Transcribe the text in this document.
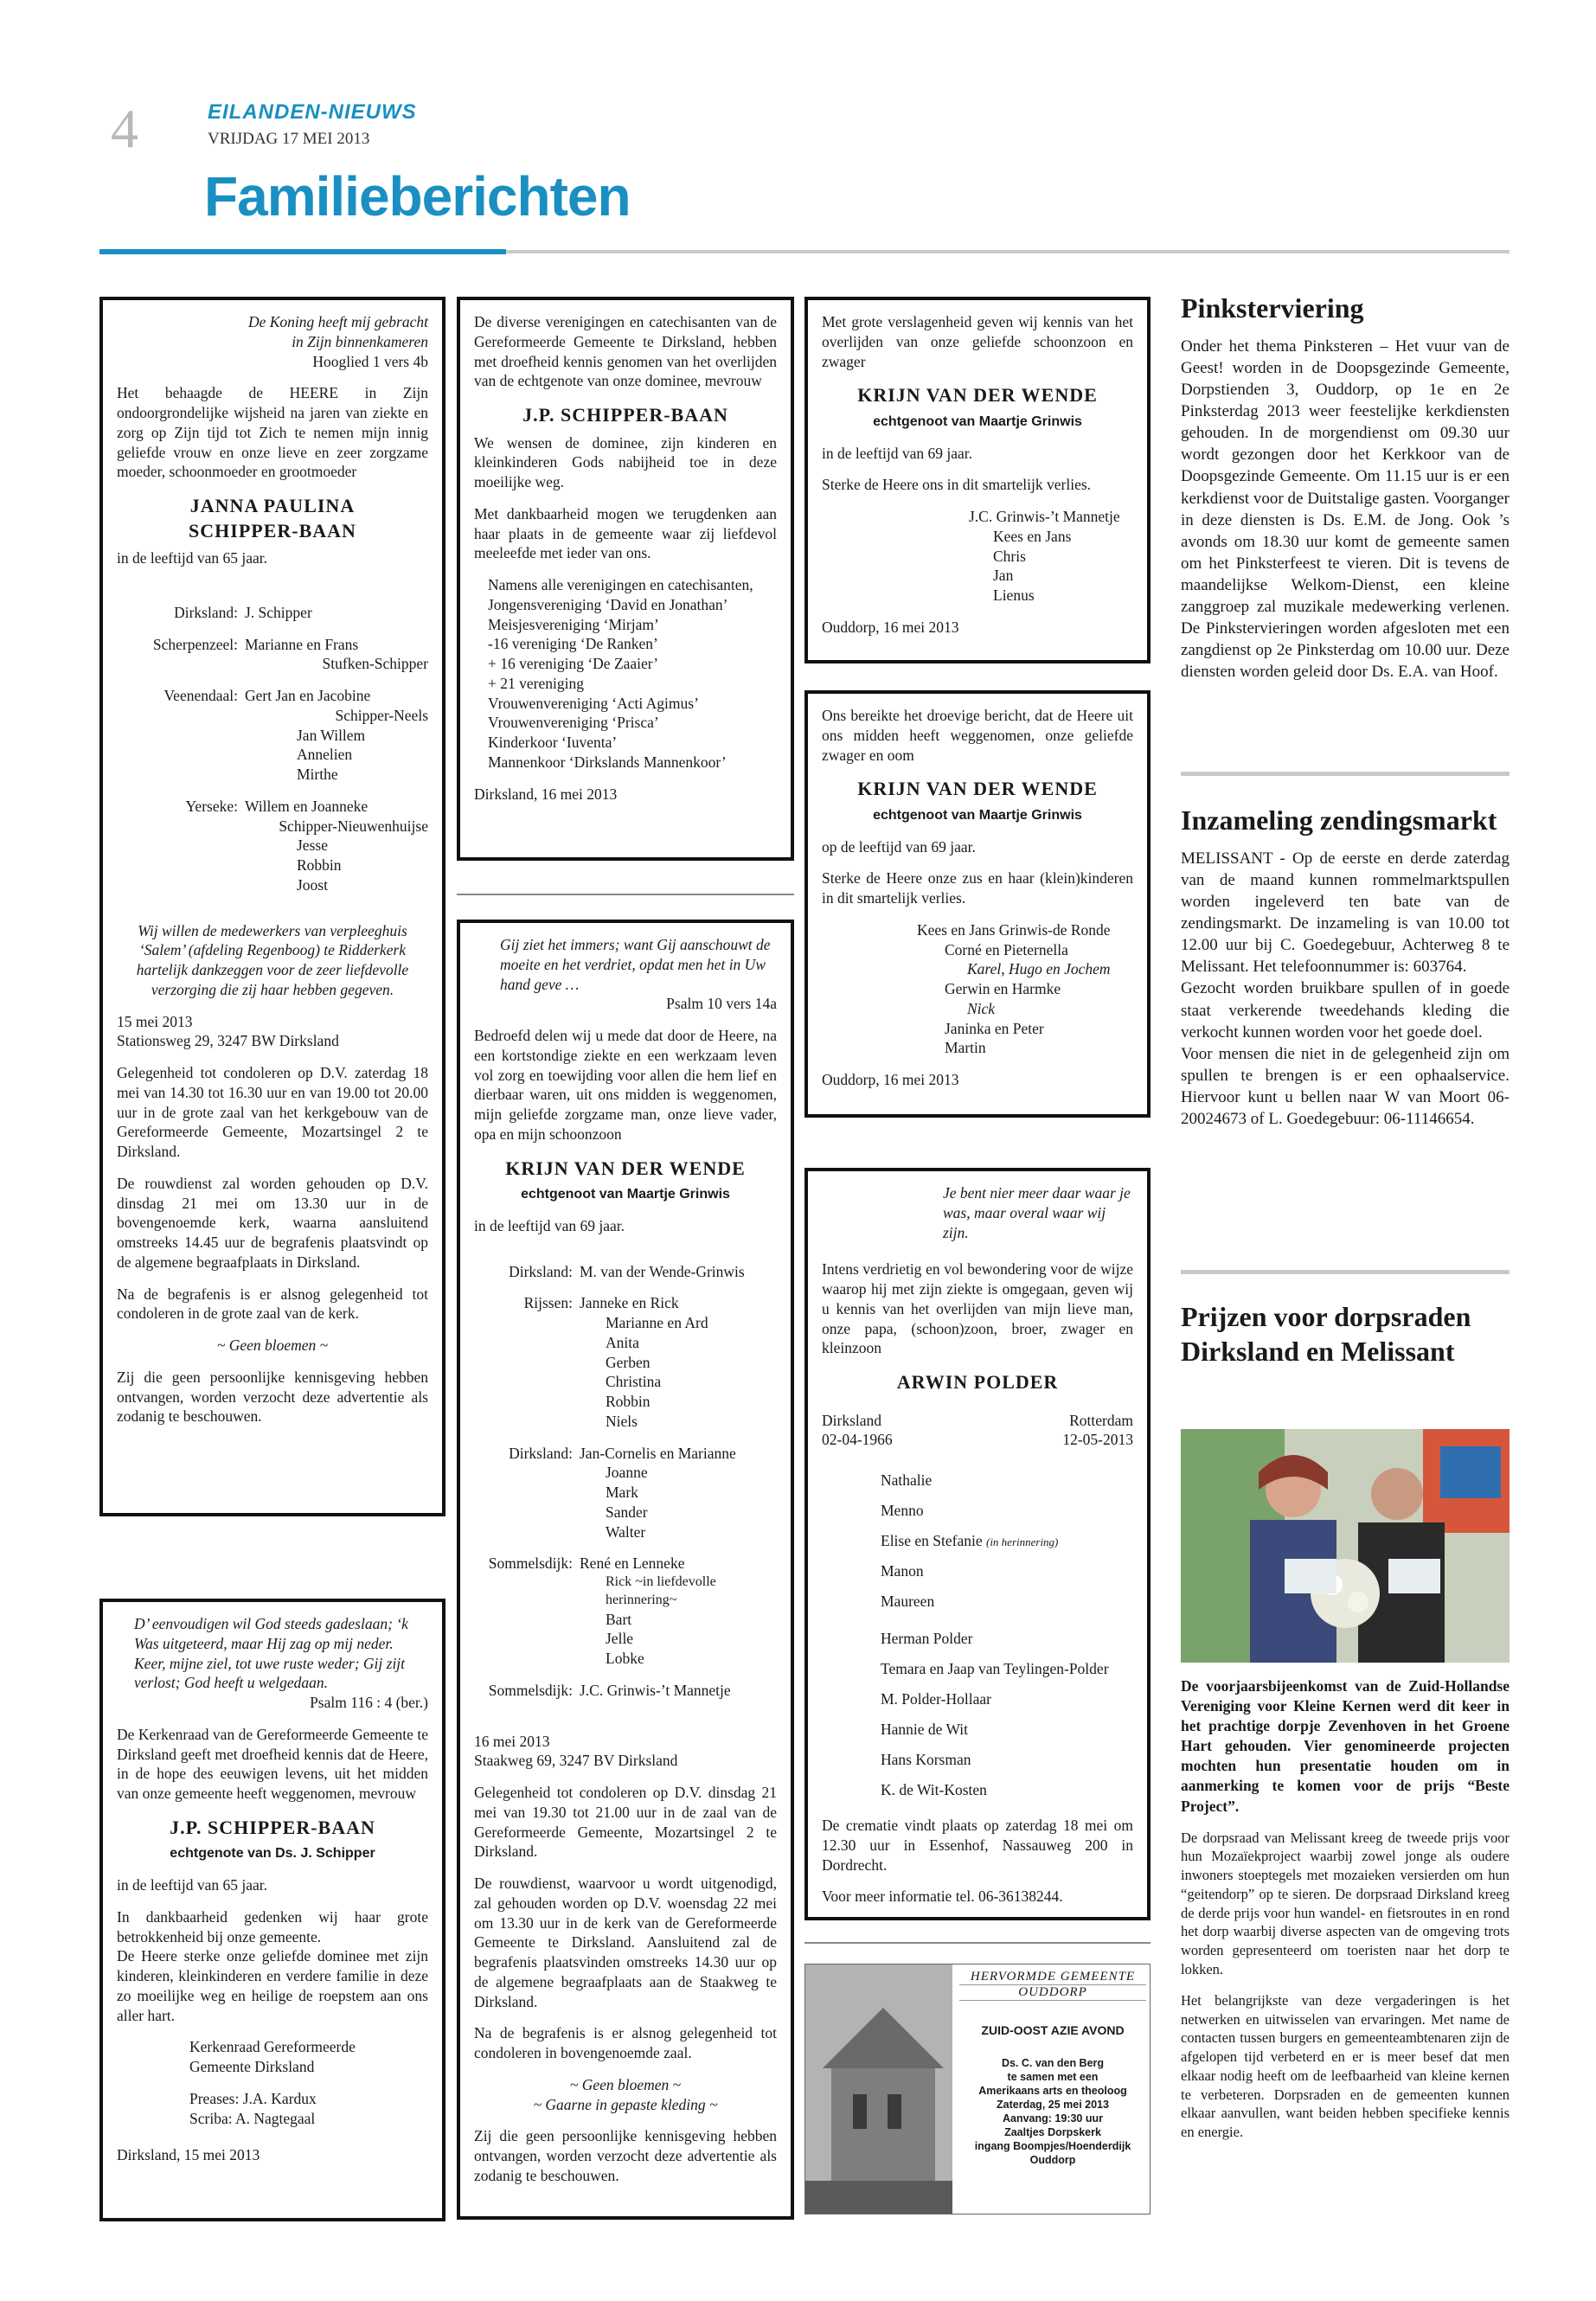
4	EILANDEN-NIEUWS
VRIJDAG 17 MEI 2013
Familieberichten
De Koning heeft mij gebracht
in Zijn binnenkameren
Hooglied 1 vers 4b

Het behaagde de HEERE in Zijn ondoorgrondelijke wijsheid na jaren van ziekte en zorg op Zijn tijd tot Zich te nemen mijn innig geliefde vrouw en onze lieve en zeer zorgzame moeder, schoonmoeder en grootmoeder

JANNA PAULINA
SCHIPPER-BAAN

in de leeftijd van 65 jaar.

Dirksland: J. Schipper
Scherpenzeel: Marianne en Frans
Stufken-Schipper
Veenendaal: Gert Jan en Jacobine
Schipper-Neels
Jan Willem
Annelien
Mirthe
Yerseke: Willem en Joanneke
Schipper-Nieuwenhuijse
Jesse
Robbin
Joost

Wij willen de medewerkers van verpleeghuis ‘Salem’ (afdeling Regenboog) te Ridderkerk hartelijk dankzeggen voor de zeer liefdevolle verzorging die zij haar hebben gegeven.

15 mei 2013

Stationsweg 29, 3247 BW Dirksland

Gelegenheid tot condoleren op D.V. zaterdag 18 mei van 14.30 tot 16.30 uur en van 19.00 tot 20.00 uur in de grote zaal van het kerkgebouw van de Gereformeerde Gemeente, Mozartsingel 2 te Dirksland.

De rouwdienst zal worden gehouden op D.V. dinsdag 21 mei om 13.30 uur in de bovengenoemde kerk, waarna aansluitend omstreeks 14.45 uur de begrafenis plaatsvindt op de algemene begraafplaats in Dirksland.

Na de begrafenis is er alsnog gelegenheid tot condoleren in de grote zaal van de kerk.

~ Geen bloemen ~

Zij die geen persoonlijke kennisgeving hebben ontvangen, worden verzocht deze advertentie als zodanig te beschouwen.

D’ eenvoudigen wil God steeds gadeslaan; ‘k Was uitgeteerd, maar Hij zag op mij neder. Keer, mijne ziel, tot uwe ruste weder; Gij zijt verlost; God heeft u welgedaan.

Psalm 116 : 4 (ber.)

De Kerkenraad van de Gereformeerde Gemeente te Dirksland geeft met droefheid kennis dat de Heere, in de hope des eeuwigen levens, uit het midden van onze gemeente heeft weggenomen, mevrouw

J.P. SCHIPPER-BAAN
echtgenote van Ds. J. Schipper

in de leeftijd van 65 jaar.

In dankbaarheid gedenken wij haar grote betrokkenheid bij onze gemeente.

De Heere sterke onze geliefde dominee met zijn kinderen, kleinkinderen en verdere familie in deze zo moeilijke weg en heilige de roepstem aan ons aller hart.

Kerkenraad Gereformeerde
Gemeente Dirksland
Preases: J.A. Kardux
Scriba: A. Nagtegaal
Dirksland, 15 mei 2013

De diverse verenigingen en catechisanten van de Gereformeerde Gemeente te Dirksland, hebben met droefheid kennis genomen van het overlijden van de echtgenote van onze dominee, mevrouw

J.P. SCHIPPER-BAAN

We wensen de dominee, zijn kinderen en kleinkinderen Gods nabijheid toe in deze moeilijke weg.

Met dankbaarheid mogen we terugdenken aan haar plaats in de gemeente waar zij liefdevol meeleefde met ieder van ons.

Namens alle verenigingen en catechisanten,
Jongensvereniging ‘David en Jonathan’
Meisjesvereniging ‘Mirjam’
-16 vereniging ‘De Ranken’
+ 16 vereniging ‘De Zaaier’
+ 21 vereniging
Vrouwenvereniging ‘Acti Agimus’
Vrouwenvereniging ‘Prisca’
Kinderkoor ‘Iuventa’
Mannenkoor ‘Dirkslands Mannenkoor’
Dirksland, 16 mei 2013

Gij ziet het immers; want Gij aanschouwt de moeite en het verdriet, opdat men het in Uw hand geve …

Psalm 10 vers 14a

Bedroefd delen wij u mede dat door de Heere, na een kortstondige ziekte en een werkzaam leven vol zorg en toewijding voor allen die hem lief en dierbaar waren, uit ons midden is weggenomen, mijn geliefde zorgzame man, onze lieve vader, opa en mijn schoonzoon

KRIJN VAN DER WENDE
echtgenoot van Maartje Grinwis

in de leeftijd van 69 jaar.

Dirksland: M. van der Wende-Grinwis
Rijssen: Janneke en Rick
Marianne en Ard
Anita
Gerben
Christina
Robbin
Niels
Dirksland: Jan-Cornelis en Marianne
Joanne
Mark
Sander
Walter
Sommelsdijk: René en Lenneke
Rick ~in liefdevolle herinnering~
Bart
Jelle
Lobke
Sommelsdijk: J.C. Grinwis-’t Mannetje
16 mei 2013

Staakweg 69, 3247 BV Dirksland

Gelegenheid tot condoleren op D.V. dinsdag 21 mei van 19.30 tot 21.00 uur in de zaal van de Gereformeerde Gemeente, Mozartsingel 2 te Dirksland.

De rouwdienst, waarvoor u wordt uitgenodigd, zal gehouden worden op D.V. woensdag 22 mei om 13.30 uur in de kerk van de Gereformeerde Gemeente te Dirksland. Aansluitend zal de begrafenis plaatsvinden omstreeks 14.30 uur op de algemene begraafplaats aan de Staakweg te Dirksland.

Na de begrafenis is er alsnog gelegenheid tot condoleren in bovengenoemde zaal.

~ Geen bloemen ~

~ Gaarne in gepaste kleding ~

Zij die geen persoonlijke kennisgeving hebben ontvangen, worden verzocht deze advertentie als zodanig te beschouwen.

Met grote verslagenheid geven wij kennis van het overlijden van onze geliefde schoonzoon en zwager

KRIJN VAN DER WENDE
echtgenoot van Maartje Grinwis

in de leeftijd van 69 jaar.

Sterke de Heere ons in dit smartelijk verlies.

J.C. Grinwis-’t Mannetje
Kees en Jans
Chris
Jan
Lienus
Ouddorp, 16 mei 2013

Ons bereikte het droevige bericht, dat de Heere uit ons midden heeft weggenomen, onze geliefde zwager en oom

KRIJN VAN DER WENDE
echtgenoot van Maartje Grinwis

op de leeftijd van 69 jaar.

Sterke de Heere onze zus en haar (klein)kinderen in dit smartelijk verlies.

Kees en Jans Grinwis-de Ronde
Corné en Pieternella
Karel, Hugo en Jochem
Gerwin en Harmke
Nick
Janinka en Peter
Martin
Ouddorp, 16 mei 2013

Je bent nier meer daar waar je was, maar overal waar wij zijn.

Intens verdrietig en vol bewondering voor de wijze waarop hij met zijn ziekte is omgegaan, geven wij u kennis van het overlijden van mijn lieve man, onze papa, (schoon)zoon, broer, zwager en kleinzoon

ARWIN POLDER
Dirksland	Rotterdam
02-04-1966	12-05-2013
Nathalie
Menno
Elise en Stefanie (in herinnering)
Manon
Maureen
Herman Polder
Temara en Jaap van Teylingen-Polder
M. Polder-Hollaar
Hannie de Wit
Hans Korsman
K. de Wit-Kosten

De crematie vindt plaats op zaterdag 18 mei om 12.30 uur in Essenhof, Nassauweg 200 in Dordrecht.

Voor meer informatie tel. 06-36138244.

HERVORMDE GEMEENTE
OUDDORP
ZUID-OOST AZIE AVOND
Ds. C. van den Berg
te samen met een
Amerikaans arts en theoloog
Zaterdag, 25 mei 2013
Aanvang: 19:30 uur
Zaaltjes Dorpskerk
ingang Boompjes/Hoenderdijk
Ouddorp
Pinksterviering

Onder het thema Pinksteren – Het vuur van de Geest! worden in de Doopsgezinde Gemeente, Dorpstienden 3, Ouddorp, op 1e en 2e Pinksterdag 2013 weer feestelijke kerkdiensten gehouden. In de morgendienst om 09.30 uur wordt gezongen door het Kerkkoor van de Doopsgezinde Gemeente. Om 11.15 uur is er een kerkdienst voor de Duitstalige gasten. Voorganger in deze diensten is Ds. E.M. de Jong. Ook ’s avonds om 18.30 uur komt de gemeente samen om het Pinksterfeest te vieren. Dit is tevens de maandelijkse Welkom-Dienst, een kleine zanggroep zal muzikale medewerking verlenen. De Pinkstervieringen worden afgesloten met een zangdienst op 2e Pinksterdag om 10.00 uur. Deze diensten worden geleid door Ds. E.A. van Hoof.

Inzameling zendingsmarkt

MELISSANT - Op de eerste en derde zaterdag van de maand kunnen rommelmarktspullen worden ingeleverd ten bate van de zendingsmarkt. De inzameling is van 10.00 tot 12.00 uur bij C. Goedegebuur, Achterweg 8 te Melissant. Het telefoonnummer is: 603764.

Gezocht worden bruikbare spullen of in goede staat verkerende tweedehands kleding die verkocht kunnen worden voor het goede doel.

Voor mensen die niet in de gelegenheid zijn om spullen te brengen is er een ophaalservice. Hiervoor kunt u bellen naar W van Moort 06-20024673 of L. Goedegebuur: 06-11146654.

Prijzen voor dorpsraden Dirksland en Melissant

De voorjaarsbijeenkomst van de Zuid-Hollandse Vereniging voor Kleine Kernen werd dit keer in het prachtige dorpje Zevenhoven in het Groene Hart gehouden. Vier genomineerde projecten mochten hun presentatie houden om in aanmerking te komen voor de prijs “Beste Project”.

De dorpsraad van Melissant kreeg de tweede prijs voor hun Mozaïekproject waarbij zowel jonge als oudere inwoners stoeptegels met mozaieken versierden om hun “geitendorp” op te sieren. De dorpsraad Dirksland kreeg de derde prijs voor hun wandel- en fietsroutes in en rond het dorp waarbij diverse aspecten van de omgeving trots worden gepresenteerd om toeristen naar het dorp te lokken.

Het belangrijkste van deze vergaderingen is het netwerken en uitwisselen van ervaringen. Met name de contacten tussen burgers en gemeenteambtenaren zijn de afgelopen tijd verbeterd en er is meer besef dat men elkaar nodig heeft om de leefbaarheid van kleine kernen te verbeteren. Dorpsraden en de gemeenten kunnen elkaar aanvullen, want beiden hebben specifieke kennis en energie.
